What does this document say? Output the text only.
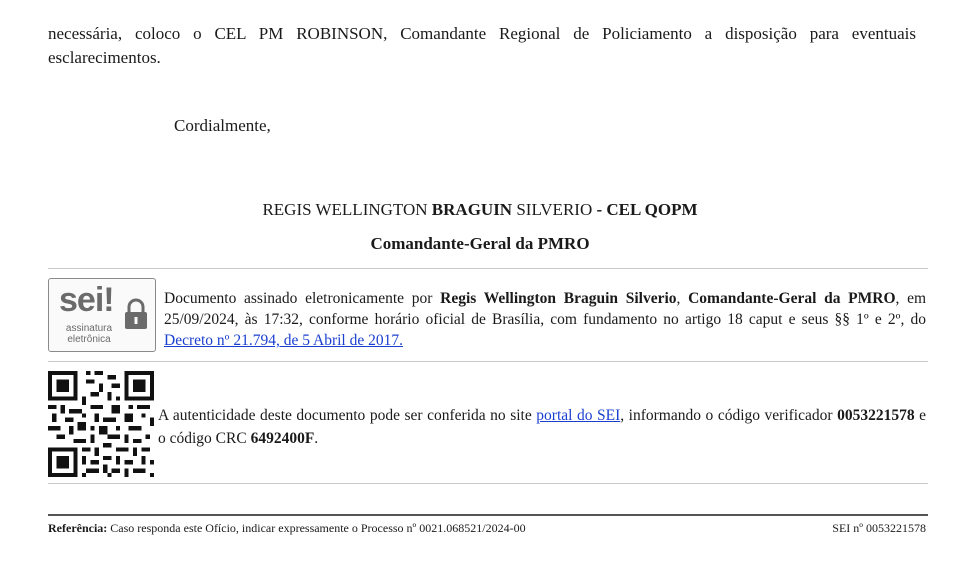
necessária, coloco o CEL PM ROBINSON, Comandante Regional de Policiamento a disposição para eventuais esclarecimentos.

Cordialmente,

REGIS WELLINGTON BRAGUIN SILVERIO - CEL QOPM

Comandante-Geral da PMRO

sei!
assinatura
eletrônica

Documento assinado eletronicamente por Regis Wellington Braguin Silverio, Comandante-Geral da PMRO, em 25/09/2024, às 17:32, conforme horário oficial de Brasília, com fundamento no artigo 18 caput e seus §§ 1º e 2º, do Decreto nº 21.794, de 5 Abril de 2017.

A autenticidade deste documento pode ser conferida no site portal do SEI, informando o código verificador 0053221578 e o código CRC 6492400F.

Referência: Caso responda este Ofício, indicar expressamente o Processo nº 0021.068521/2024-00	SEI nº 0053221578
